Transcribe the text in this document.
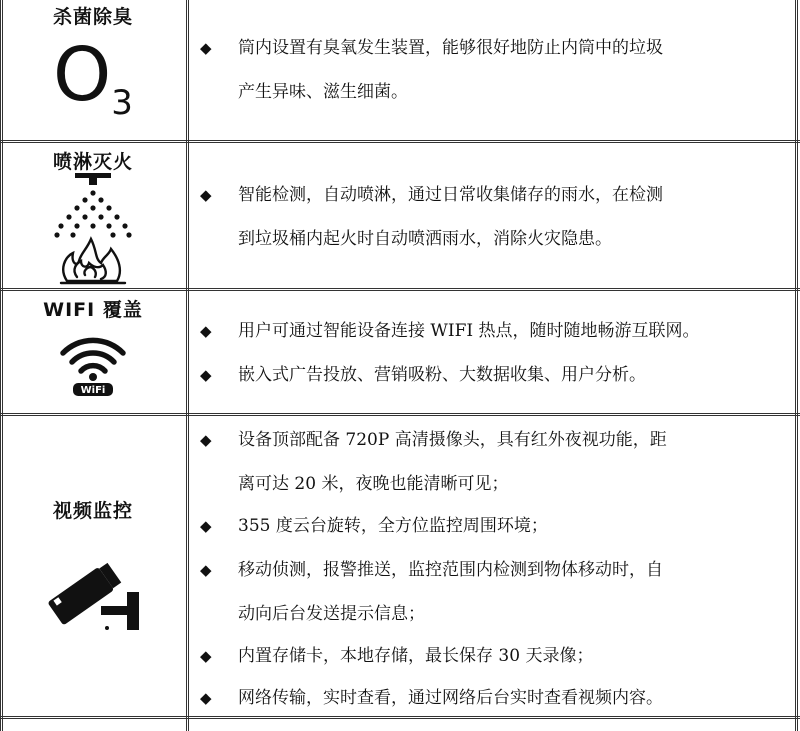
杀菌除臭
O 3
◆ 筒内设置有臭氧发生装置，能够很好地防止内筒中的垃圾
产生异味、滋生细菌。
喷淋灭火
◆ 智能检测，自动喷淋，通过日常收集储存的雨水，在检测
到垃圾桶内起火时自动喷洒雨水，消除火灾隐患。
WIFI 覆盖
WiFi
◆ 用户可通过智能设备连接 WIFI 热点，随时随地畅游互联网。
◆ 嵌入式广告投放、营销吸粉、大数据收集、用户分析。
视频监控
◆ 设备顶部配备 720P 高清摄像头，具有红外夜视功能，距
离可达 20 米，夜晚也能清晰可见；
◆ 355 度云台旋转，全方位监控周围环境；
◆ 移动侦测，报警推送，监控范围内检测到物体移动时，自
动向后台发送提示信息；
◆ 内置存储卡，本地存储，最长保存 30 天录像；
◆ 网络传输，实时查看，通过网络后台实时查看视频内容。
